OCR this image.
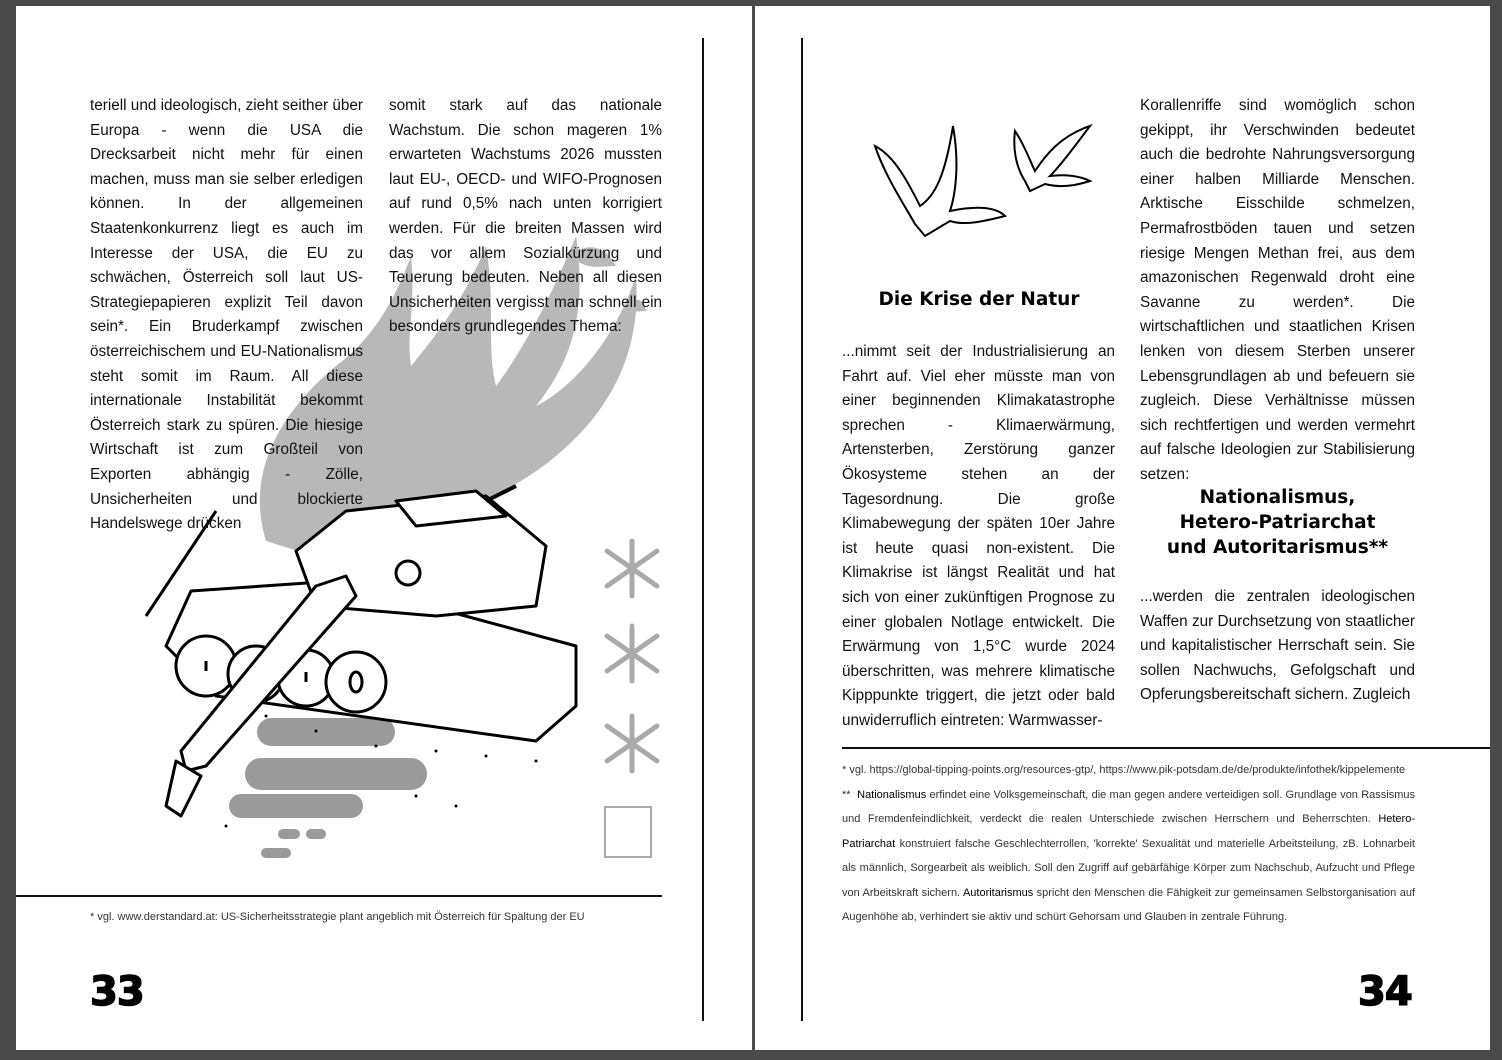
teriell und ideologisch, zieht seither über Europa - wenn die USA die Drecksarbeit nicht mehr für einen machen, muss man sie selber erledigen können. In der allgemeinen Staatenkonkurrenz liegt es auch im Interesse der USA, die EU zu schwächen, Österreich soll laut US-Strategiepapieren explizit Teil davon sein*. Ein Bruderkampf zwischen österreichischem und EU-Nationalismus steht somit im Raum. All diese internationale Instabilität bekommt Österreich stark zu spüren. Die hiesige Wirtschaft ist zum Großteil von Exporten abhängig - Zölle, Unsicherheiten und blockierte Handelswege drücken

somit stark auf das nationale Wachstum. Die schon mageren 1% erwarteten Wachstums 2026 mussten laut EU-, OECD- und WIFO-Prognosen auf rund 0,5% nach unten korrigiert werden. Für die breiten Massen wird das vor allem Sozialkürzung und Teuerung bedeuten. Neben all diesen Unsicherheiten vergisst man schnell ein besonders grundlegendes Thema:

* vgl. www.derstandard.at: US-Sicherheitsstrategie plant angeblich mit Österreich für Spaltung der EU

33
Die Krise der Natur

...nimmt seit der Industrialisierung an Fahrt auf. Viel eher müsste man von einer beginnenden Klimakatastrophe sprechen - Klimaerwärmung, Artensterben, Zerstörung ganzer Ökosysteme stehen an der Tagesordnung. Die große Klimabewegung der späten 10er Jahre ist heute quasi non-existent. Die Klimakrise ist längst Realität und hat sich von einer zukünftigen Prognose zu einer globalen Notlage entwickelt. Die Erwärmung von 1,5°C wurde 2024 überschritten, was mehrere klimatische Kipppunkte triggert, die jetzt oder bald unwiderruflich eintreten: Warmwasser-

Korallenriffe sind womöglich schon gekippt, ihr Verschwinden bedeutet auch die bedrohte Nahrungsversorgung einer halben Milliarde Menschen. Arktische Eisschilde schmelzen, Permafrostböden tauen und setzen riesige Mengen Methan frei, aus dem amazonischen Regenwald droht eine Savanne zu werden*. Die wirtschaftlichen und staatlichen Krisen lenken von diesem Sterben unserer Lebensgrundlagen ab und befeuern sie zugleich. Diese Verhältnisse müssen sich rechtfertigen und werden vermehrt auf falsche Ideologien zur Stabilisierung setzen:

Nationalismus,
Hetero-Patriarchat
und Autoritarismus**

...werden die zentralen ideologischen Waffen zur Durchsetzung von staatlicher und kapitalistischer Herrschaft sein. Sie sollen Nachwuchs, Gefolgschaft und Opferungsbereitschaft sichern. Zugleich

* vgl. https://global-tipping-points.org/resources-gtp/, https://www.pik-potsdam.de/de/produkte/infothek/kippelemente

** Nationalismus erfindet eine Volksgemeinschaft, die man gegen andere verteidigen soll. Grundlage von Rassismus und Fremdenfeindlichkeit, verdeckt die realen Unterschiede zwischen Herrschern und Beherrschten. Hetero-Patriarchat konstruiert falsche Geschlechterrollen, 'korrekte' Sexualität und materielle Arbeitsteilung, zB. Lohnarbeit als männlich, Sorgearbeit als weiblich. Soll den Zugriff auf gebärfähige Körper zum Nachschub, Aufzucht und Pflege von Arbeitskraft sichern. Autoritarismus spricht den Menschen die Fähigkeit zur gemeinsamen Selbstorganisation auf Augenhöhe ab, verhindert sie aktiv und schürt Gehorsam und Glauben in zentrale Führung.

34
